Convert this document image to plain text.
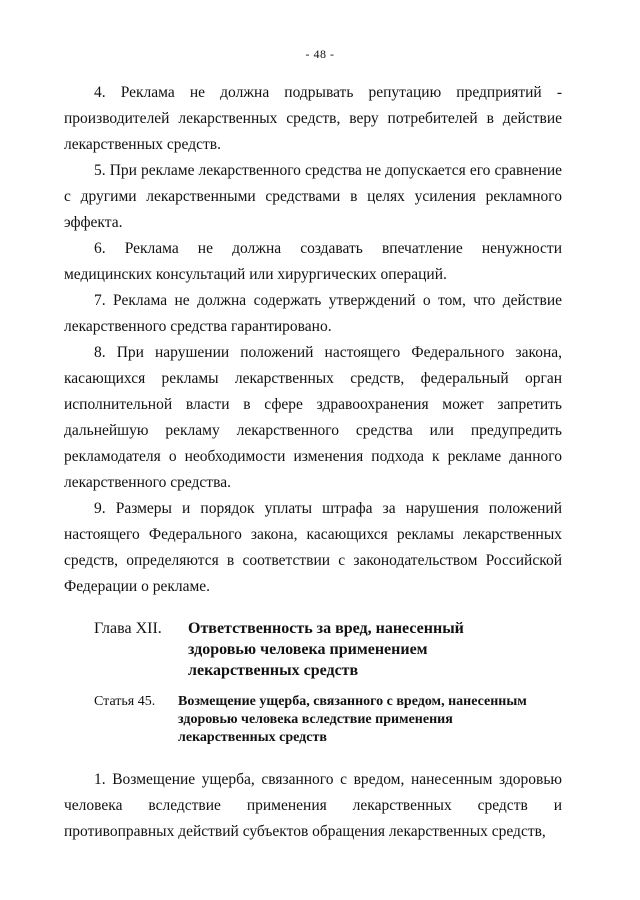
- 48 -

4. Реклама не должна подрывать репутацию предприятий - производителей лекарственных средств, веру потребителей в действие лекарственных средств.

5. При рекламе лекарственного средства не допускается его сравнение с другими лекарственными средствами в целях усиления рекламного эффекта.

6. Реклама не должна создавать впечатление ненужности медицинских консультаций или хирургических операций.

7. Реклама не должна содержать утверждений о том, что действие лекарственного средства гарантировано.

8. При нарушении положений настоящего Федерального закона, касающихся рекламы лекарственных средств, федеральный орган исполнительной власти в сфере здравоохранения может запретить дальнейшую рекламу лекарственного средства или предупредить рекламодателя о необходимости изменения подхода к рекламе данного лекарственного средства.

9. Размеры и порядок уплаты штрафа за нарушения положений настоящего Федерального закона, касающихся рекламы лекарственных средств, определяются в соответствии с законодательством Российской Федерации о рекламе.

Глава XII.	Ответственность за вред, нанесенный здоровью человека применением лекарственных средств
Статья 45.	Возмещение ущерба, связанного с вредом, нанесенным здоровью человека вследствие применения лекарственных средств

1. Возмещение ущерба, связанного с вредом, нанесенным здоровью человека вследствие применения лекарственных средств и противоправных действий субъектов обращения лекарственных средств,
